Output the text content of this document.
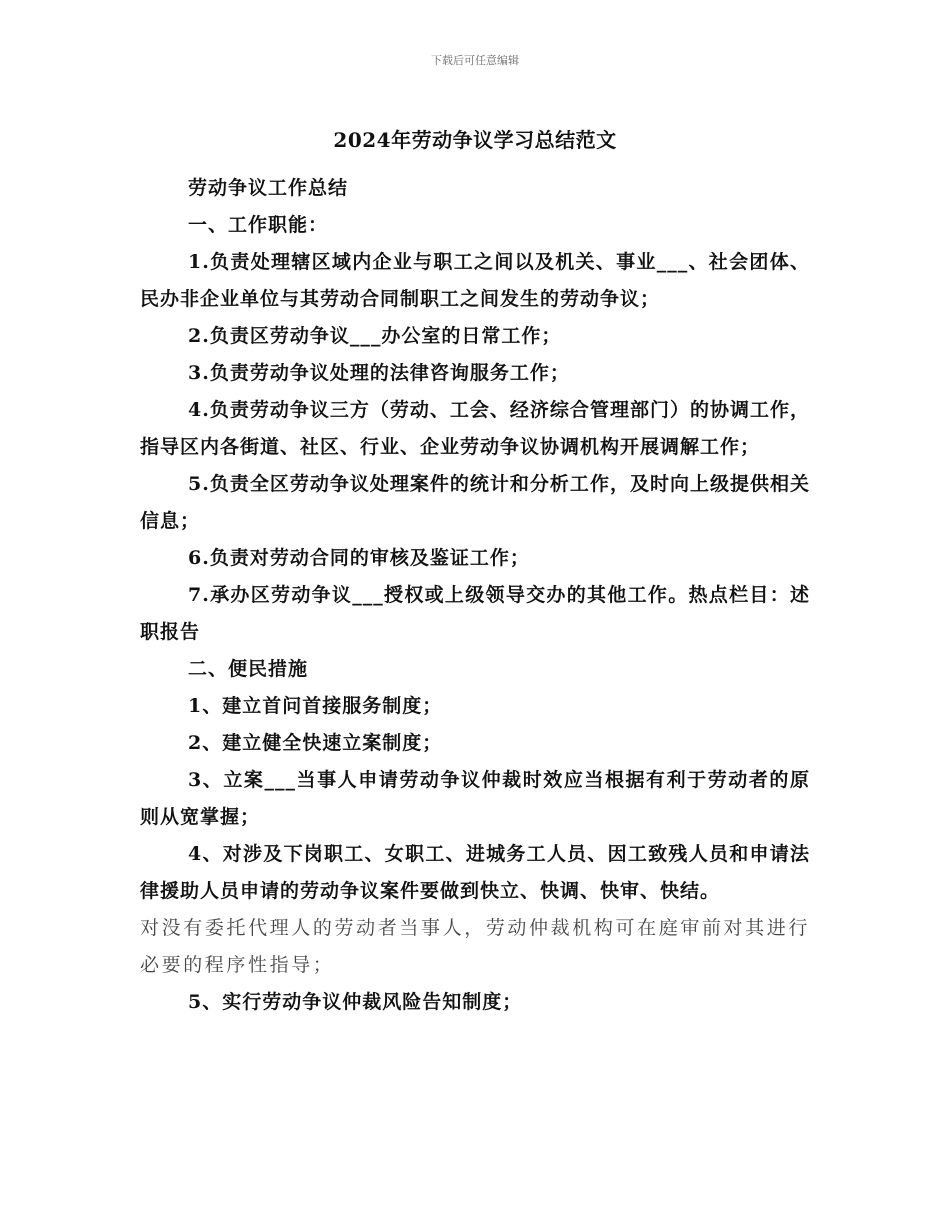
下载后可任意编辑
2024年劳动争议学习总结范文

劳动争议工作总结

一、工作职能：

1.负责处理辖区域内企业与职工之间以及机关、事业___、社会团体、民办非企业单位与其劳动合同制职工之间发生的劳动争议；

2.负责区劳动争议___办公室的日常工作；

3.负责劳动争议处理的法律咨询服务工作；

4.负责劳动争议三方（劳动、工会、经济综合管理部门）的协调工作，指导区内各街道、社区、行业、企业劳动争议协调机构开展调解工作；

5.负责全区劳动争议处理案件的统计和分析工作，及时向上级提供相关信息；

6.负责对劳动合同的审核及鉴证工作；

7.承办区劳动争议___授权或上级领导交办的其他工作。热点栏目：述职报告

二、便民措施

1、建立首问首接服务制度；

2、建立健全快速立案制度；

3、立案___当事人申请劳动争议仲裁时效应当根据有利于劳动者的原则从宽掌握；

4、对涉及下岗职工、女职工、进城务工人员、因工致残人员和申请法律援助人员申请的劳动争议案件要做到快立、快调、快审、快结。

对没有委托代理人的劳动者当事人，劳动仲裁机构可在庭审前对其进行必要的程序性指导；

5、实行劳动争议仲裁风险告知制度；
